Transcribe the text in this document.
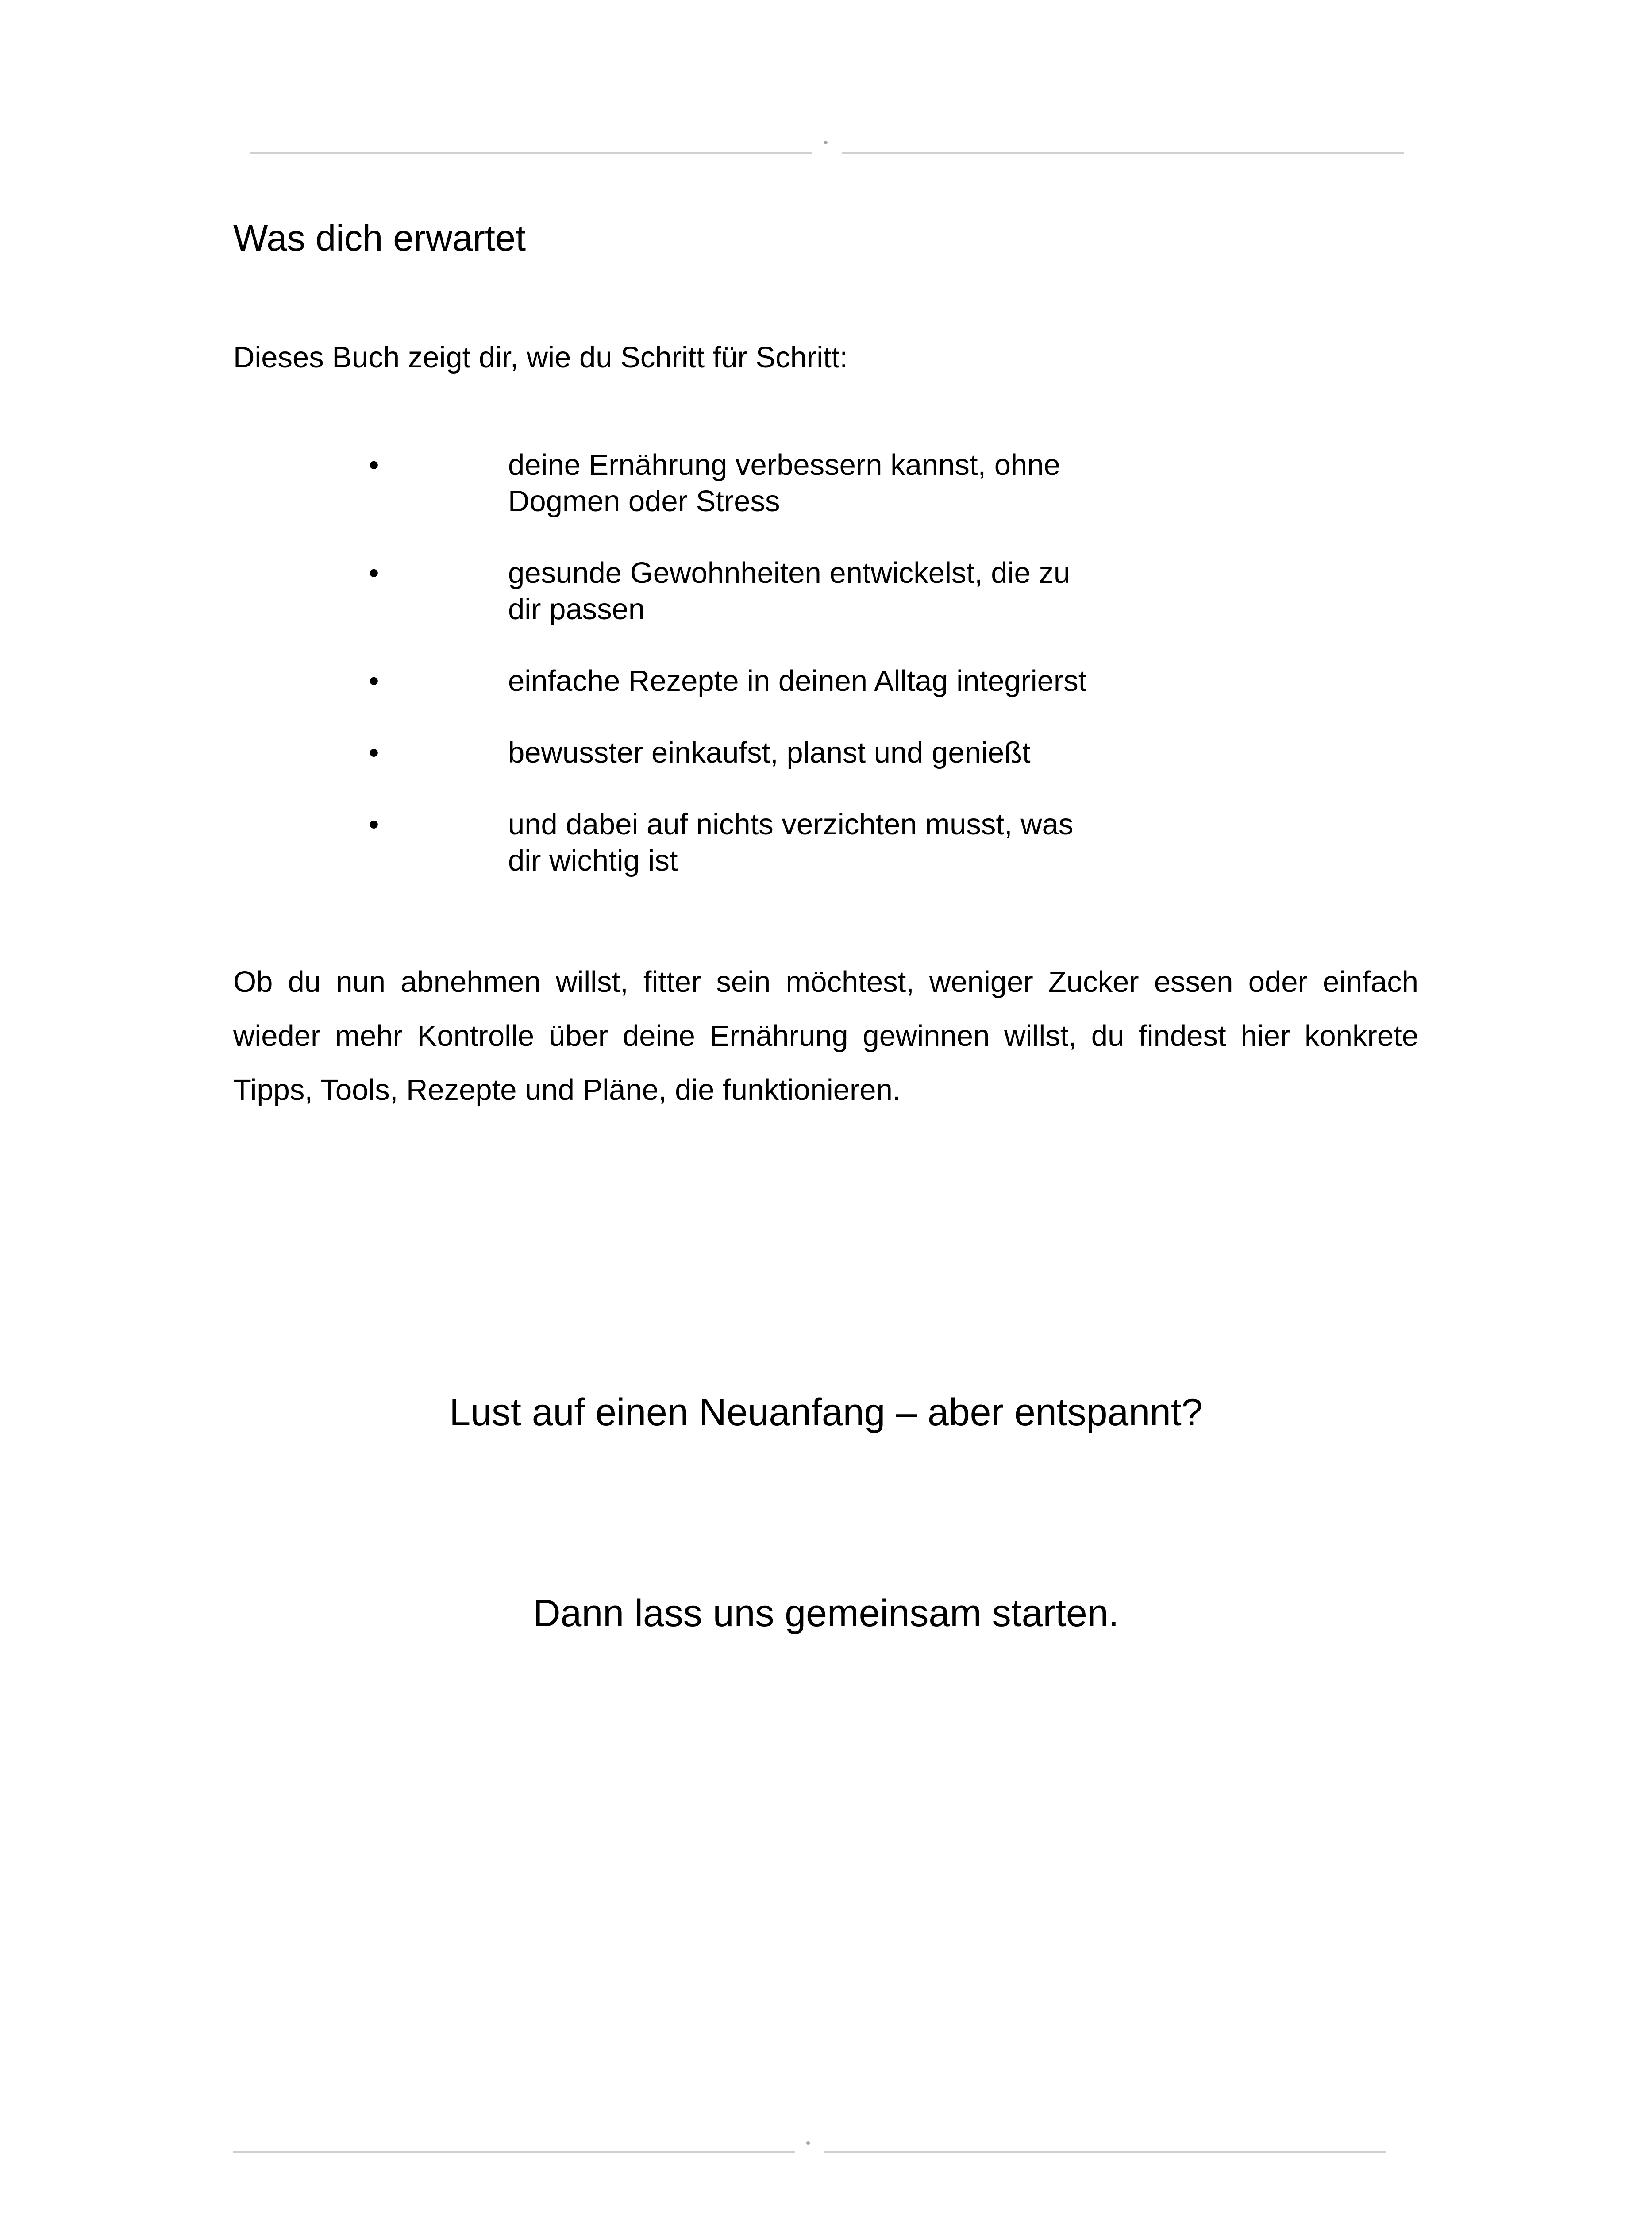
Was dich erwartet
Dieses Buch zeigt dir, wie du Schritt für Schritt:
•	deine Ernährung verbessern kannst, ohne Dogmen oder Stress
•	gesunde Gewohnheiten entwickelst, die zu dir passen
•	einfache Rezepte in deinen Alltag integrierst
•	bewusster einkaufst, planst und genießt
•	und dabei auf nichts verzichten musst, was dir wichtig ist

Ob du nun abnehmen willst, fitter sein möchtest, weniger Zucker essen oder einfach wieder mehr Kontrolle über deine Ernährung gewinnen willst, du findest hier konkrete Tipps, Tools, Rezepte und Pläne, die funktionieren.

Lust auf einen Neuanfang – aber entspannt?
Dann lass uns gemeinsam starten.
